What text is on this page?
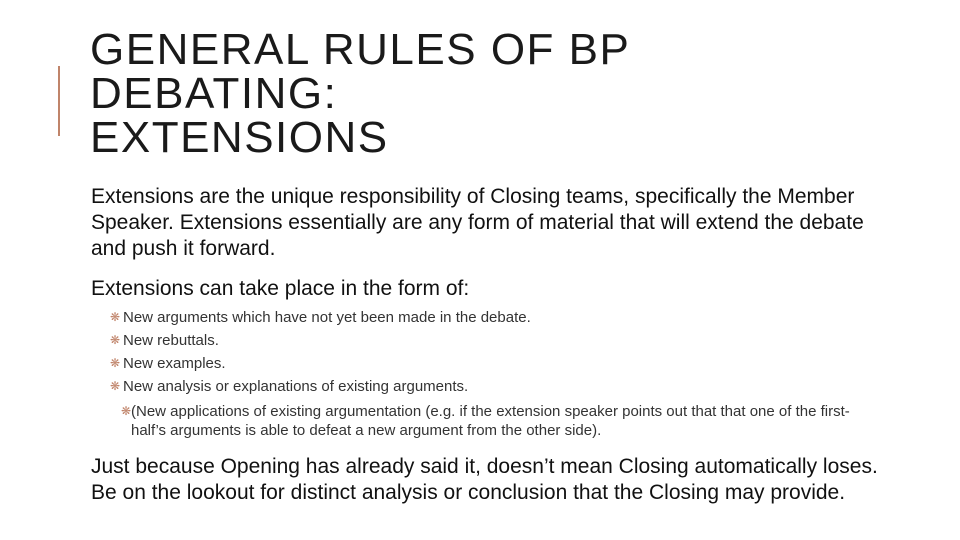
GENERAL RULES OF BP
DEBATING:
EXTENSIONS

Extensions are the unique responsibility of Closing teams, specifically the Member Speaker. Extensions essentially are any form of material that will extend the debate and push it forward.

Extensions can take place in the form of:

❋ New arguments which have not yet been made in the debate.
❋ New rebuttals.
❋ New examples.
❋ New analysis or explanations of existing arguments.
❋ (New applications of existing argumentation (e.g. if the extension speaker points out that that one of the first-half’s arguments is able to defeat a new argument from the other side).

Just because Opening has already said it, doesn’t mean Closing automatically loses. Be on the lookout for distinct analysis or conclusion that the Closing may provide.
